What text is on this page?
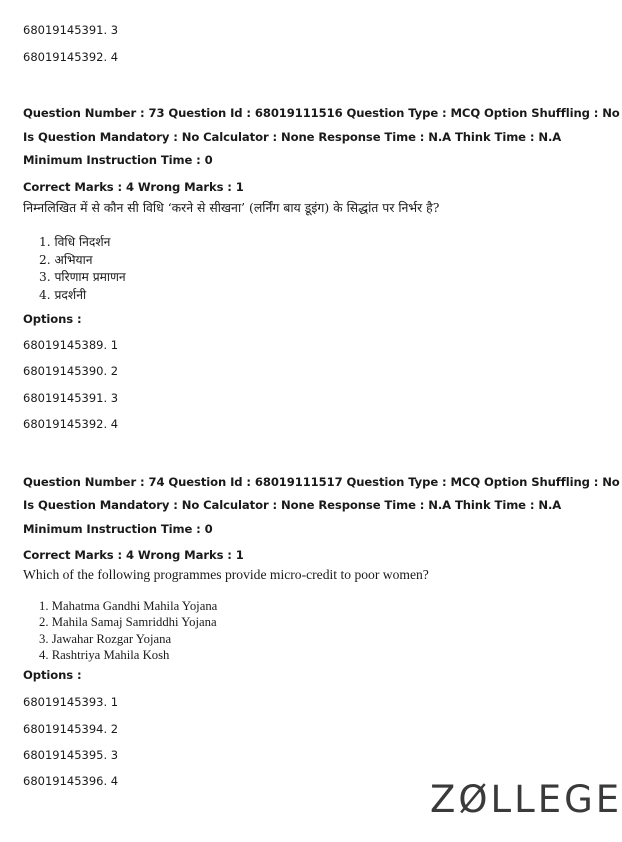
68019145391. 3
68019145392. 4
Question Number : 73 Question Id : 68019111516 Question Type : MCQ Option Shuffling : No
Is Question Mandatory : No Calculator : None Response Time : N.A Think Time : N.A
Minimum Instruction Time : 0
Correct Marks : 4 Wrong Marks : 1
निम्नलिखित में से कौन सी विधि ‘करने से सीखना’ (लर्निंग बाय डूइंग) के सिद्धांत पर निर्भर है?
1. विधि निदर्शन
2. अभियान
3. परिणाम प्रमाणन
4. प्रदर्शनी
Options :
68019145389. 1
68019145390. 2
68019145391. 3
68019145392. 4
Question Number : 74 Question Id : 68019111517 Question Type : MCQ Option Shuffling : No
Is Question Mandatory : No Calculator : None Response Time : N.A Think Time : N.A
Minimum Instruction Time : 0
Correct Marks : 4 Wrong Marks : 1
Which of the following programmes provide micro-credit to poor women?
1. Mahatma Gandhi Mahila Yojana
2. Mahila Samaj Samriddhi Yojana
3. Jawahar Rozgar Yojana
4. Rashtriya Mahila Kosh
Options :
68019145393. 1
68019145394. 2
68019145395. 3
68019145396. 4	ZØLLEGE
